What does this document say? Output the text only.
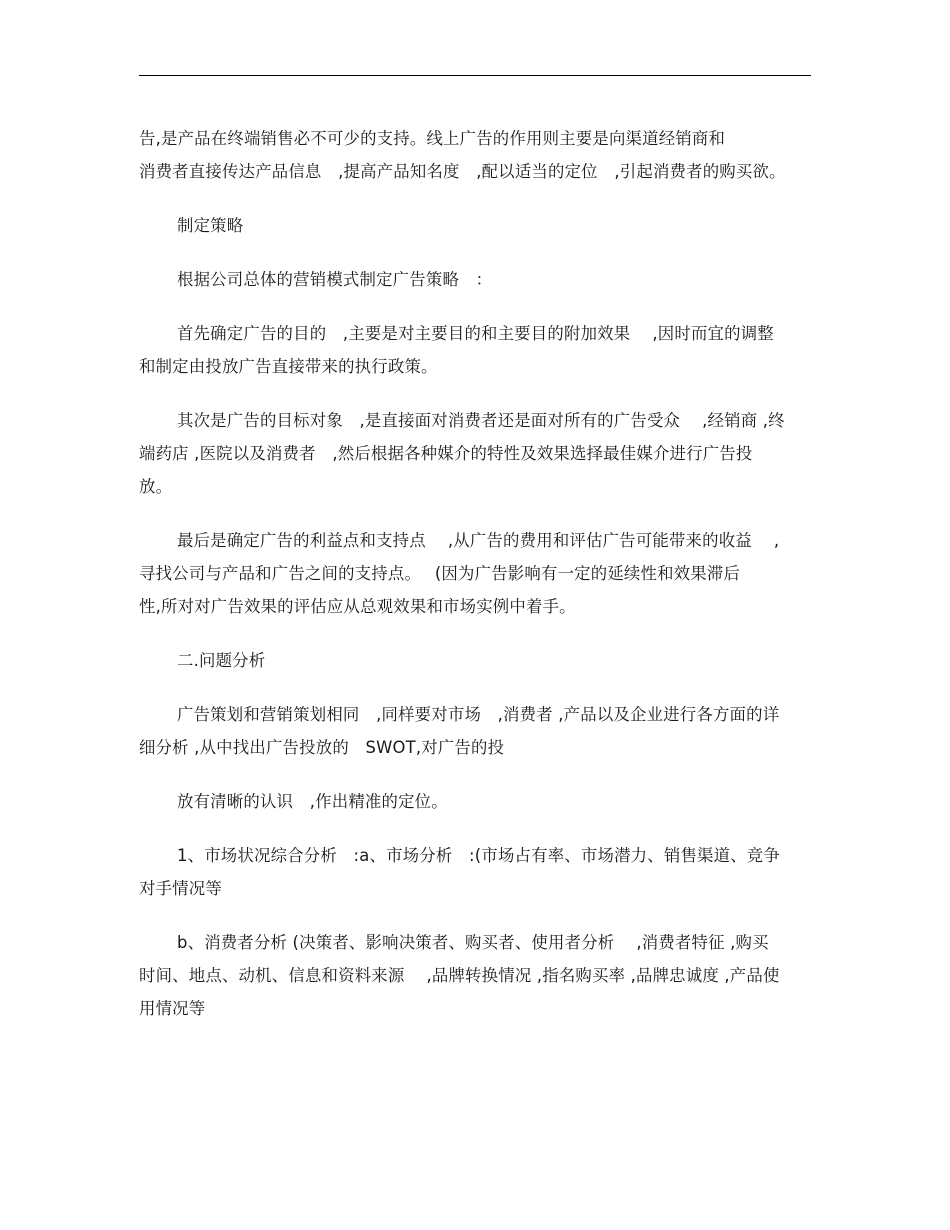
告,是产品在终端销售必不可少的支持。线上广告的作用则主要是向渠道经销商和
消费者直接传达产品信息　,提高产品知名度　,配以适当的定位　,引起消费者的购买欲。

制定策略

根据公司总体的营销模式制定广告策略　：

首先确定广告的目的　,主要是对主要目的和主要目的附加效果　 ,因时而宜的调整
和制定由投放广告直接带来的执行政策。

其次是广告的目标对象　,是直接面对消费者还是面对所有的广告受众　 ,经销商 ,终
端药店 ,医院以及消费者　,然后根据各种媒介的特性及效果选择最佳媒介进行广告投
放。

最后是确定广告的利益点和支持点　 ,从广告的费用和评估广告可能带来的收益　 ,
寻找公司与产品和广告之间的支持点。　 (因为广告影响有一定的延续性和效果滞后
性,所对对广告效果的评估应从总观效果和市场实例中着手。

二.问题分析

广告策划和营销策划相同　,同样要对市场　,消费者 ,产品以及企业进行各方面的详
细分析 ,从中找出广告投放的　SWOT,对广告的投

放有清晰的认识　,作出精准的定位。

1、市场状况综合分析　:a、市场分析　:(市场占有率、市场潜力、销售渠道、竞争
对手情况等

b、消费者分析 (决策者、影响决策者、购买者、使用者分析　 ,消费者特征 ,购买
时间、地点、动机、信息和资料来源　 ,品牌转换情况 ,指名购买率 ,品牌忠诚度 ,产品使
用情况等
